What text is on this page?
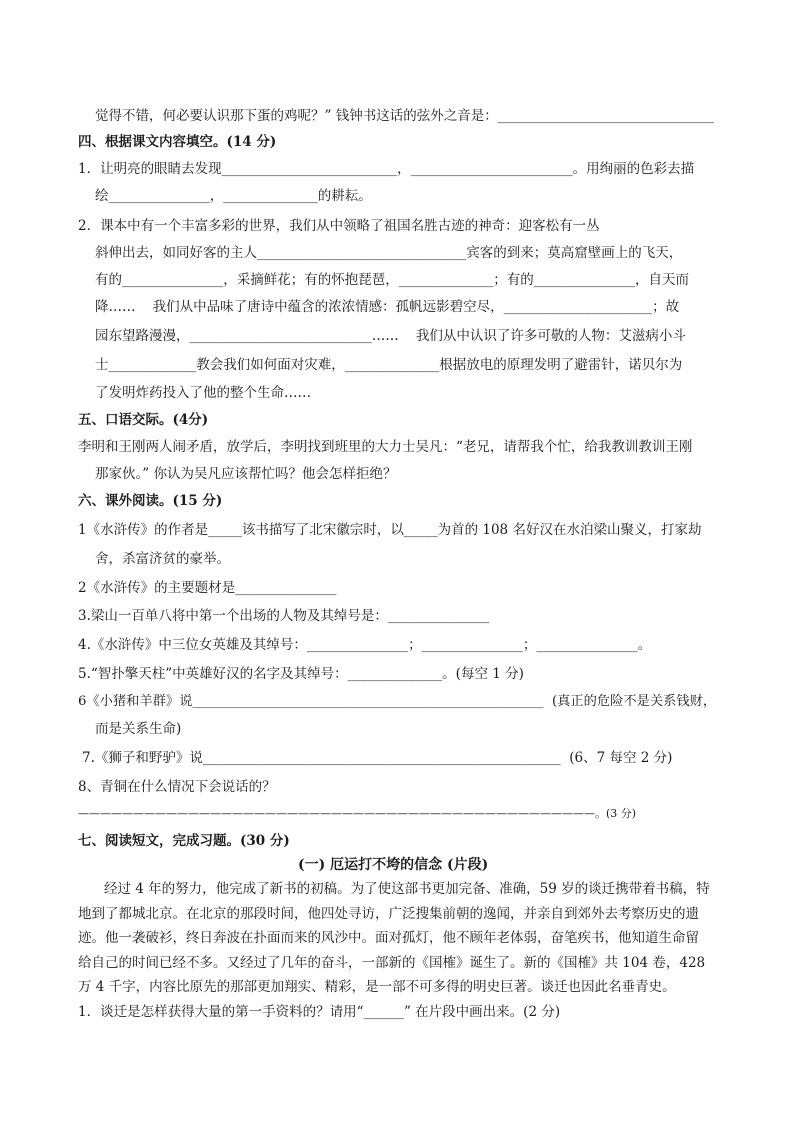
觉得不错，何必要认识那下蛋的鸡呢？” 钱钟书这话的弦外之音是：________________________________
四、根据课文内容填空。(14 分)
1．让明亮的眼睛去发现__________________________，________________________。用绚丽的色彩去描
绘_______________，______________的耕耘。
2．课本中有一个丰富多彩的世界，我们从中领略了祖国名胜古迹的神奇：迎客松有一丛
斜伸出去，如同好客的主人_______________________________宾客的到来；莫高窟壁画上的飞天，
有的_______________，采摘鲜花；有的怀抱琵琶，______________；有的_______________，自天而
降……    我们从中品味了唐诗中蕴含的浓浓情感：孤帆远影碧空尽，______________________；故
园东望路漫漫，___________________________……    我们从中认识了许多可敬的人物：艾滋病小斗
士_____________教会我们如何面对灾难，______________根据放电的原理发明了避雷针，诺贝尔为
了发明炸药投入了他的整个生命……
五、口语交际。(4分)
李明和王刚两人闹矛盾，放学后，李明找到班里的大力士吴凡：“老兄，请帮我个忙，给我教训教训王刚
那家伙。” 你认为吴凡应该帮忙吗？他会怎样拒绝？
六、课外阅读。(15 分)
1《水浒传》的作者是_____该书描写了北宋徽宗时，以_____为首的 108 名好汉在水泊梁山聚义，打家劫
舍，杀富济贫的豪举。
2《水浒传》的主要题材是_______________
3.梁山一百单八将中第一个出场的人物及其绰号是：_______________
4.《水浒传》中三位女英雄及其绰号：_______________；_______________；_______________。
5.“智扑擎天柱”中英雄好汉的名字及其绰号：______________。(每空 1 分)
6《小猪和羊群》说_____________________________________________________  (真正的危险不是关系钱财，
而是关系生命)
7.《狮子和野驴》说_____________________________________________________  (6、7 每空 2 分)
8、青铜在什么情况下会说话的？
———————————————————————————————————————————————。(3 分)
七、阅读短文，完成习题。(30 分)
(一) 厄运打不垮的信念 (片段)
经过 4 年的努力，他完成了新书的初稿。为了使这部书更加完备、准确，59 岁的谈迁携带着书稿，特
地到了都城北京。在北京的那段时间，他四处寻访，广泛搜集前朝的逸闻，并亲自到郊外去考察历史的遗
迹。他一袭破衫，终日奔波在扑面而来的风沙中。面对孤灯，他不顾年老体弱，奋笔疾书，他知道生命留
给自己的时间已经不多。又经过了几年的奋斗，一部新的《国榷》诞生了。新的《国榷》共 104 卷，428
万 4 千字，内容比原先的那部更加翔实、精彩，是一部不可多得的明史巨著。谈迁也因此名垂青史。
1．谈迁是怎样获得大量的第一手资料的？请用“______” 在片段中画出来。(2 分)
